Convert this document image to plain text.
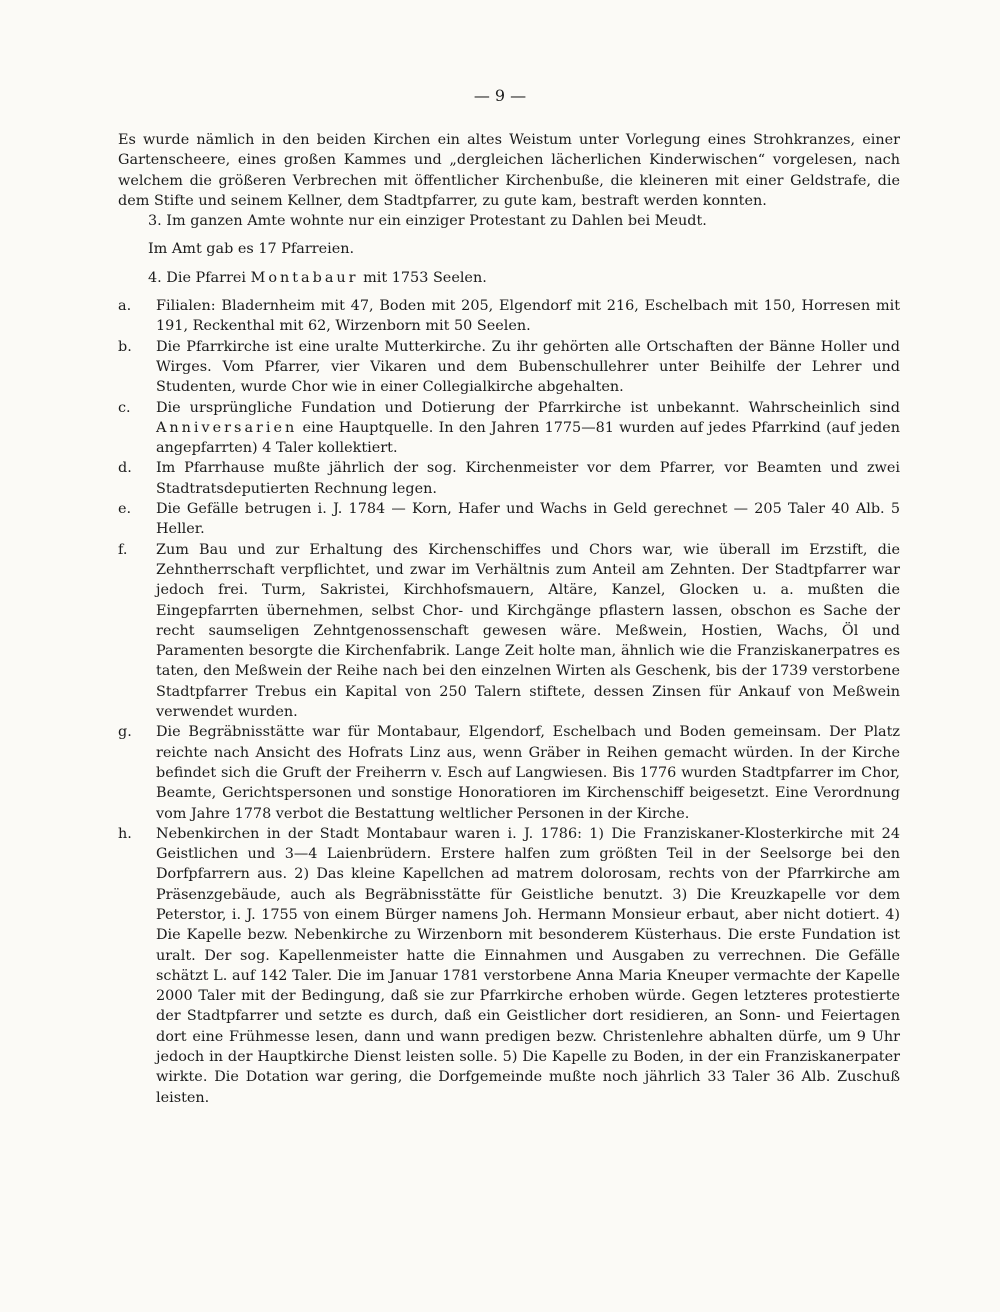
— 9 —

Es wurde nämlich in den beiden Kirchen ein altes Weistum unter Vorlegung eines Strohkranzes, einer Gartenscheere, eines großen Kammes und „dergleichen lächerlichen Kinderwischen“ vorgelesen, nach welchem die größeren Verbrechen mit öffentlicher Kirchenbuße, die kleineren mit einer Geldstrafe, die dem Stifte und seinem Kellner, dem Stadtpfarrer, zu gute kam, bestraft werden konnten.

3. Im ganzen Amte wohnte nur ein einziger Protestant zu Dahlen bei Meudt.

Im Amt gab es 17 Pfarreien.

4. Die Pfarrei Montabaur mit 1753 Seelen.

a.	Filialen: Bladernheim mit 47, Boden mit 205, Elgendorf mit 216, Eschelbach mit 150, Horresen mit 191, Reckenthal mit 62, Wirzenborn mit 50 Seelen.
b.	Die Pfarrkirche ist eine uralte Mutterkirche. Zu ihr gehörten alle Ortschaften der Bänne Holler und Wirges. Vom Pfarrer, vier Vikaren und dem Bubenschullehrer unter Beihilfe der Lehrer und Studenten, wurde Chor wie in einer Collegialkirche abgehalten.
c.	Die ursprüngliche Fundation und Dotierung der Pfarrkirche ist unbekannt. Wahrscheinlich sind Anniversarien eine Hauptquelle. In den Jahren 1775—81 wurden auf jedes Pfarrkind (auf jeden angepfarrten) 4 Taler kollektiert.
d.	Im Pfarrhause mußte jährlich der sog. Kirchenmeister vor dem Pfarrer, vor Beamten und zwei Stadtratsdeputierten Rechnung legen.
e.	Die Gefälle betrugen i. J. 1784 — Korn, Hafer und Wachs in Geld gerechnet — 205 Taler 40 Alb. 5 Heller.
f.	Zum Bau und zur Erhaltung des Kirchenschiffes und Chors war, wie überall im Erzstift, die Zehntherrschaft verpflichtet, und zwar im Verhältnis zum Anteil am Zehnten. Der Stadtpfarrer war jedoch frei. Turm, Sakristei, Kirchhofsmauern, Altäre, Kanzel, Glocken u. a. mußten die Eingepfarrten übernehmen, selbst Chor- und Kirchgänge pflastern lassen, obschon es Sache der recht saumseligen Zehntgenossenschaft gewesen wäre. Meßwein, Hostien, Wachs, Öl und Paramenten besorgte die Kirchenfabrik. Lange Zeit holte man, ähnlich wie die Franziskanerpatres es taten, den Meßwein der Reihe nach bei den einzelnen Wirten als Geschenk, bis der 1739 verstorbene Stadtpfarrer Trebus ein Kapital von 250 Talern stiftete, dessen Zinsen für Ankauf von Meßwein verwendet wurden.
g.	Die Begräbnisstätte war für Montabaur, Elgendorf, Eschelbach und Boden gemeinsam. Der Platz reichte nach Ansicht des Hofrats Linz aus, wenn Gräber in Reihen gemacht würden. In der Kirche befindet sich die Gruft der Freiherrn v. Esch auf Langwiesen. Bis 1776 wurden Stadtpfarrer im Chor, Beamte, Gerichtspersonen und sonstige Honoratioren im Kirchenschiff beigesetzt. Eine Verordnung vom Jahre 1778 verbot die Bestattung weltlicher Personen in der Kirche.
h.	Nebenkirchen in der Stadt Montabaur waren i. J. 1786: 1) Die Franziskaner-Klosterkirche mit 24 Geistlichen und 3—4 Laienbrüdern. Erstere halfen zum größten Teil in der Seelsorge bei den Dorfpfarrern aus. 2) Das kleine Kapellchen ad matrem dolorosam, rechts von der Pfarrkirche am Präsenzgebäude, auch als Begräbnisstätte für Geistliche benutzt. 3) Die Kreuzkapelle vor dem Peterstor, i. J. 1755 von einem Bürger namens Joh. Hermann Monsieur erbaut, aber nicht dotiert. 4) Die Kapelle bezw. Nebenkirche zu Wirzenborn mit besonderem Küsterhaus. Die erste Fundation ist uralt. Der sog. Kapellenmeister hatte die Einnahmen und Ausgaben zu verrechnen. Die Gefälle schätzt L. auf 142 Taler. Die im Januar 1781 verstorbene Anna Maria Kneuper vermachte der Kapelle 2000 Taler mit der Bedingung, daß sie zur Pfarrkirche erhoben würde. Gegen letzteres protestierte der Stadtpfarrer und setzte es durch, daß ein Geistlicher dort residieren, an Sonn- und Feiertagen dort eine Frühmesse lesen, dann und wann predigen bezw. Christenlehre abhalten dürfe, um 9 Uhr jedoch in der Hauptkirche Dienst leisten solle. 5) Die Kapelle zu Boden, in der ein Franziskanerpater wirkte. Die Dotation war gering, die Dorfgemeinde mußte noch jährlich 33 Taler 36 Alb. Zuschuß leisten.
